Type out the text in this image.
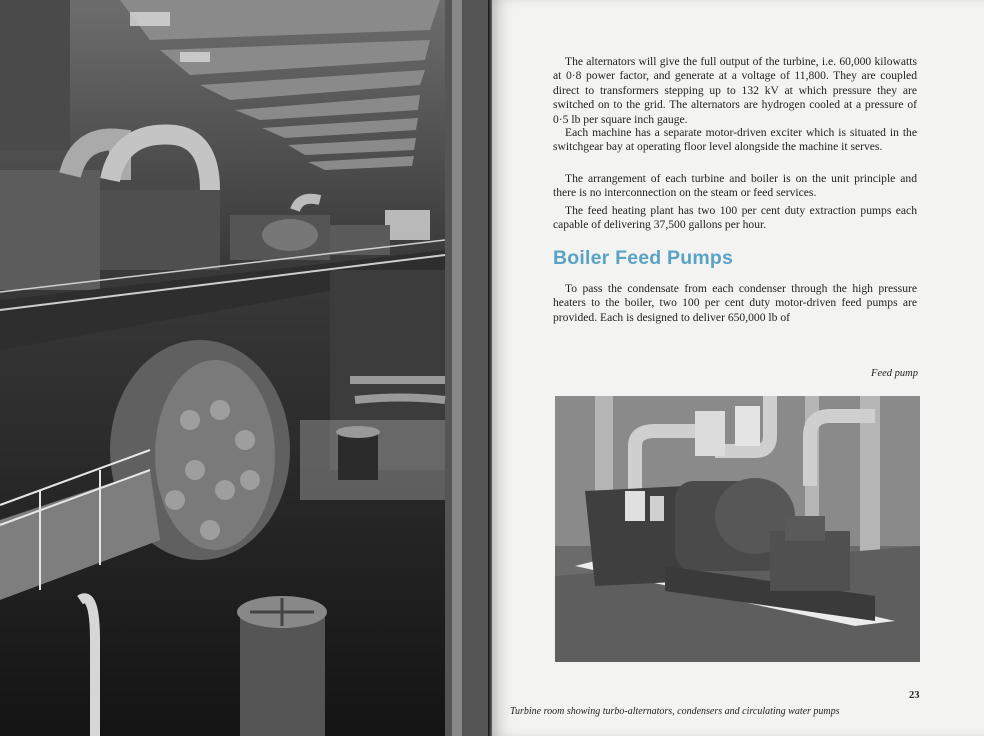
The alternators will give the full output of the turbine, i.e. 60,000 kilowatts at 0·8 power factor, and generate at a voltage of 11,800. They are coupled direct to transformers stepping up to 132 kV at which pressure they are switched on to the grid. The alternators are hydrogen cooled at a pressure of 0·5 lb per square inch gauge.

Each machine has a separate motor-driven exciter which is situated in the switchgear bay at operating floor level alongside the machine it serves.

The arrangement of each turbine and boiler is on the unit principle and there is no interconnection on the steam or feed services.

The feed heating plant has two 100 per cent duty extraction pumps each capable of delivering 37,500 gallons per hour.

Boiler Feed Pumps

To pass the condensate from each condenser through the high pressure heaters to the boiler, two 100 per cent duty motor-driven feed pumps are provided. Each is designed to deliver 650,000 lb of

Feed pump

23

Turbine room showing turbo-alternators, condensers and circulating water pumps
